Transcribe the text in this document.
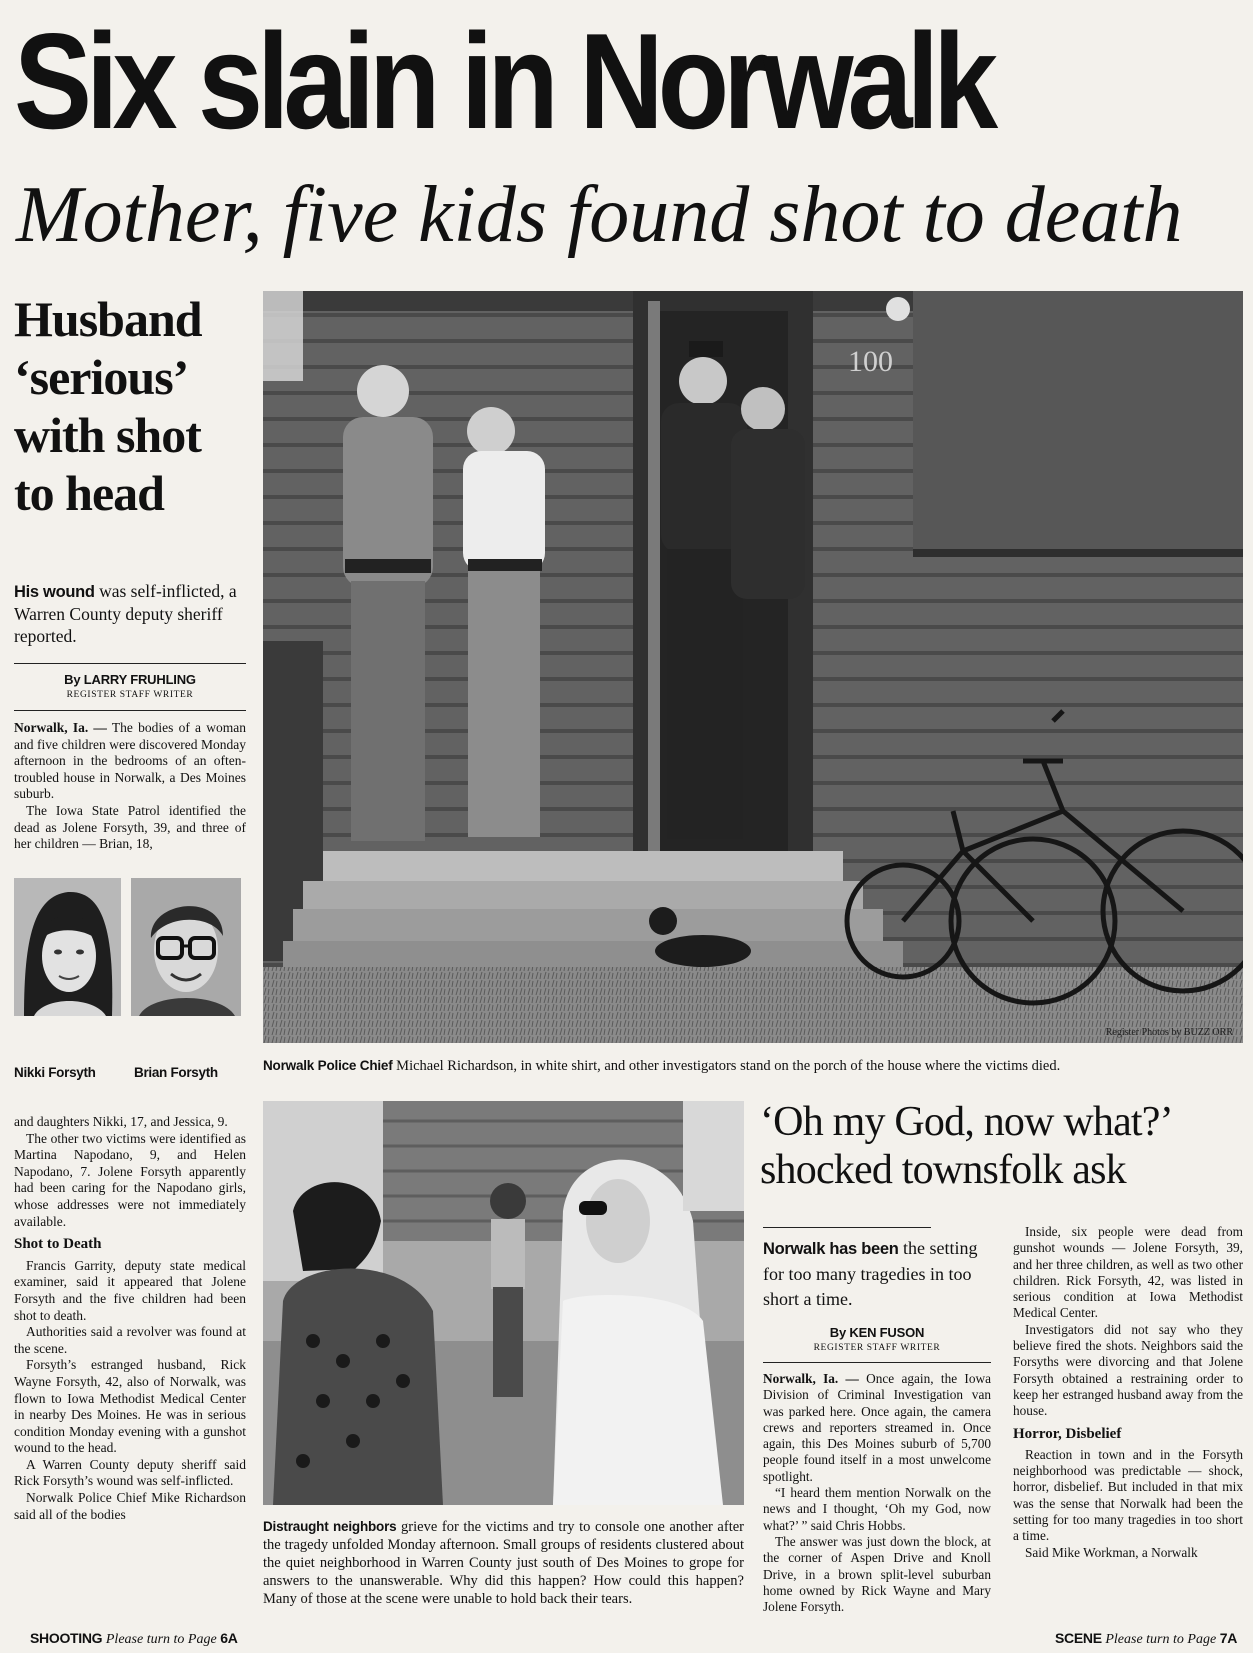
Six slain in Norwalk
Mother, five kids found shot to death
Husband ‘serious’ with shot to head
His wound was self-inflicted, a Warren County deputy sheriff reported.
By LARRY FRUHLING
REGISTER STAFF WRITER

Norwalk, Ia. — The bodies of a woman and five children were discovered Monday afternoon in the bedrooms of an often-troubled house in Norwalk, a Des Moines suburb.

The Iowa State Patrol identified the dead as Jolene Forsyth, 39, and three of her children — Brian, 18,

Nikki Forsyth	Brian Forsyth

and daughters Nikki, 17, and Jessica, 9.

The other two victims were identified as Martina Napodano, 9, and Helen Napodano, 7. Jolene Forsyth apparently had been caring for the Napodano girls, whose addresses were not immediately available.

Shot to Death

Francis Garrity, deputy state medical examiner, said it appeared that Jolene Forsyth and the five children had been shot to death.

Authorities said a revolver was found at the scene.

Forsyth’s estranged husband, Rick Wayne Forsyth, 42, also of Norwalk, was flown to Iowa Methodist Medical Center in nearby Des Moines. He was in serious condition Monday evening with a gunshot wound to the head.

A Warren County deputy sheriff said Rick Forsyth’s wound was self-inflicted.

Norwalk Police Chief Mike Richardson said all of the bodies

SHOOTING Please turn to Page 6A
100
Register Photos by BUZZ ORR
Norwalk Police Chief Michael Richardson, in white shirt, and other investigators stand on the porch of the house where the victims died.
Distraught neighbors grieve for the victims and try to console one another after the tragedy unfolded Monday afternoon. Small groups of residents clustered about the quiet neighborhood in Warren County just south of Des Moines to grope for answers to the unanswerable. Why did this happen? How could this happen? Many of those at the scene were unable to hold back their tears.
‘Oh my God, now what?’ shocked townsfolk ask
Norwalk has been the setting for too many tragedies in too short a time.
By KEN FUSON
REGISTER STAFF WRITER

Norwalk, Ia. — Once again, the Iowa Division of Criminal Investigation van was parked here. Once again, the camera crews and reporters streamed in. Once again, this Des Moines suburb of 5,700 people found itself in a most unwelcome spotlight.

“I heard them mention Norwalk on the news and I thought, ‘Oh my God, now what?’ ” said Chris Hobbs.

The answer was just down the block, at the corner of Aspen Drive and Knoll Drive, in a brown split-level suburban home owned by Rick Wayne and Mary Jolene Forsyth.

Inside, six people were dead from gunshot wounds — Jolene Forsyth, 39, and her three children, as well as two other children. Rick Forsyth, 42, was listed in serious condition at Iowa Methodist Medical Center.

Investigators did not say who they believe fired the shots. Neighbors said the Forsyths were divorcing and that Jolene Forsyth obtained a restraining order to keep her estranged husband away from the house.

Horror, Disbelief

Reaction in town and in the Forsyth neighborhood was predictable — shock, horror, disbelief. But included in that mix was the sense that Norwalk had been the setting for too many tragedies in too short a time.

Said Mike Workman, a Norwalk

SCENE Please turn to Page 7A
